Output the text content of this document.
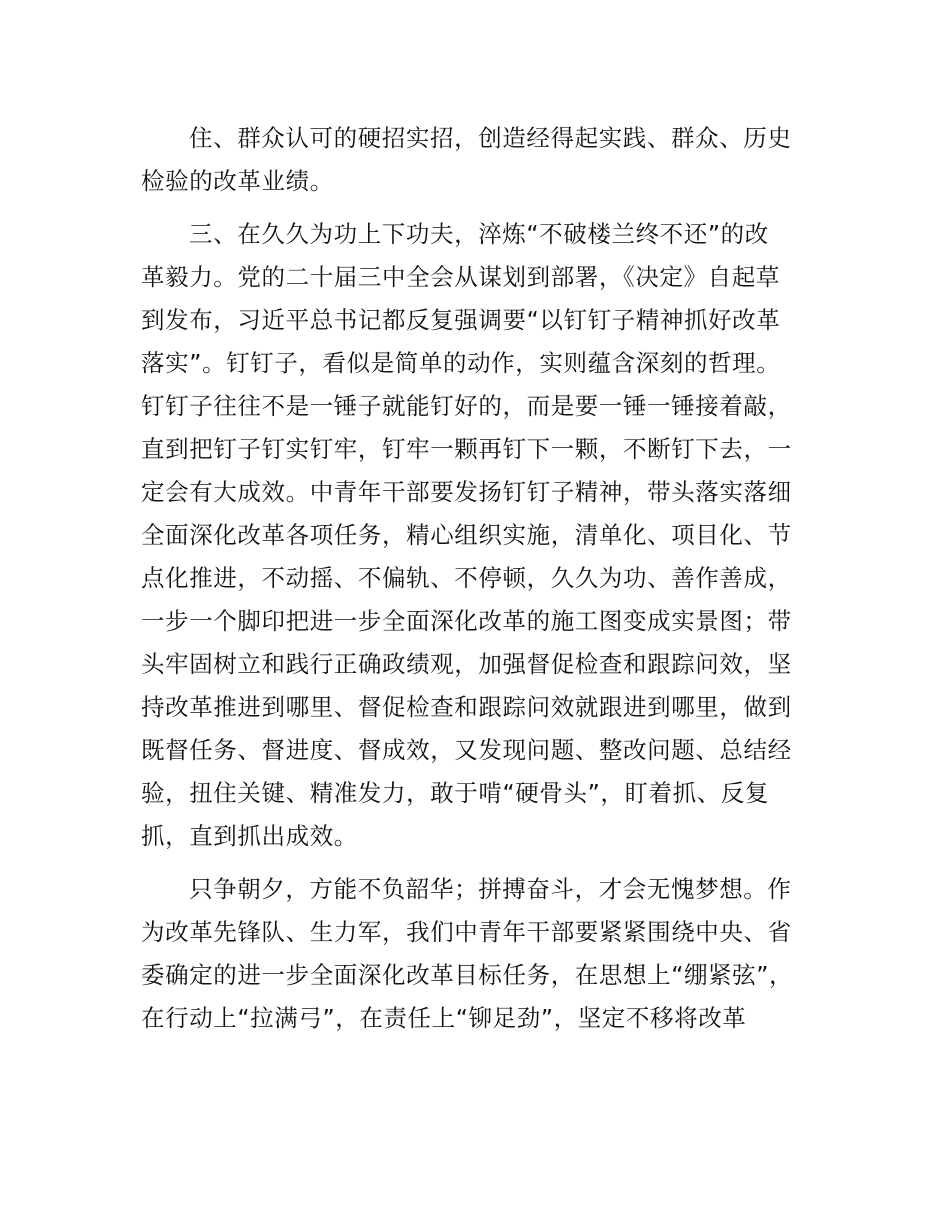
住、群众认可的硬招实招，创造经得起实践、群众、历史
检验的改革业绩。
三、在久久为功上下功夫，淬炼“不破楼兰终不还”的改
革毅力。党的二十届三中全会从谋划到部署，《决定》自起草
到发布，习近平总书记都反复强调要“以钉钉子精神抓好改革
落实”。钉钉子，看似是简单的动作，实则蕴含深刻的哲理。
钉钉子往往不是一锤子就能钉好的，而是要一锤一锤接着敲，
直到把钉子钉实钉牢，钉牢一颗再钉下一颗，不断钉下去，一
定会有大成效。中青年干部要发扬钉钉子精神，带头落实落细
全面深化改革各项任务，精心组织实施，清单化、项目化、节
点化推进，不动摇、不偏轨、不停顿，久久为功、善作善成，
一步一个脚印把进一步全面深化改革的施工图变成实景图；带
头牢固树立和践行正确政绩观，加强督促检查和跟踪问效，坚
持改革推进到哪里、督促检查和跟踪问效就跟进到哪里，做到
既督任务、督进度、督成效，又发现问题、整改问题、总结经
验，扭住关键、精准发力，敢于啃“硬骨头”，盯着抓、反复
抓，直到抓出成效。
只争朝夕，方能不负韶华；拼搏奋斗，才会无愧梦想。作
为改革先锋队、生力军，我们中青年干部要紧紧围绕中央、省
委确定的进一步全面深化改革目标任务，在思想上“绷紧弦”，
在行动上“拉满弓”，在责任上“铆足劲”，坚定不移将改革
